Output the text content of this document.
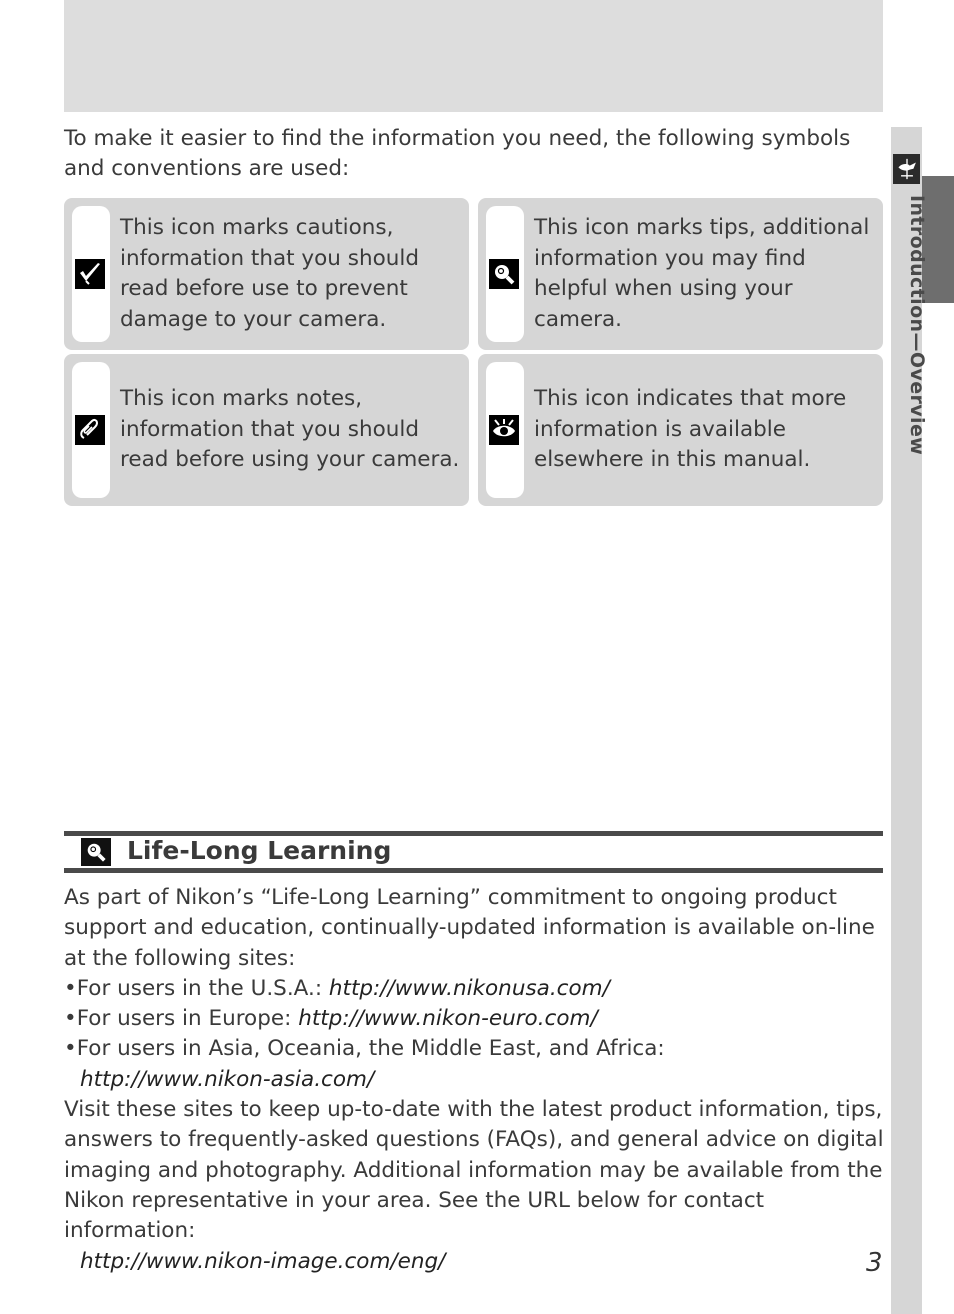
To make it easier to find the information you need, the following symbols and conventions are used:

This icon marks cautions, information that you should read before use to prevent damage to your camera.
This icon marks tips, additional information you may find helpful when using your camera.
This icon marks notes, information that you should read before using your camera.
This icon indicates that more information is available elsewhere in this manual.
Introduction—Overview
Life-Long Learning

As part of Nikon’s “Life-Long Learning” commitment to ongoing product support and education, continually-updated information is available on-line at the following sites:

•For users in the U.S.A.: http://www.nikonusa.com/

•For users in Europe: http://www.nikon-euro.com/

•For users in Asia, Oceania, the Middle East, and Africa:

http://www.nikon-asia.com/

Visit these sites to keep up-to-date with the latest product information, tips, answers to frequently-asked questions (FAQs), and general advice on digital imaging and photography. Additional information may be available from the Nikon representative in your area. See the URL below for contact information:

http://www.nikon-image.com/eng/	3
